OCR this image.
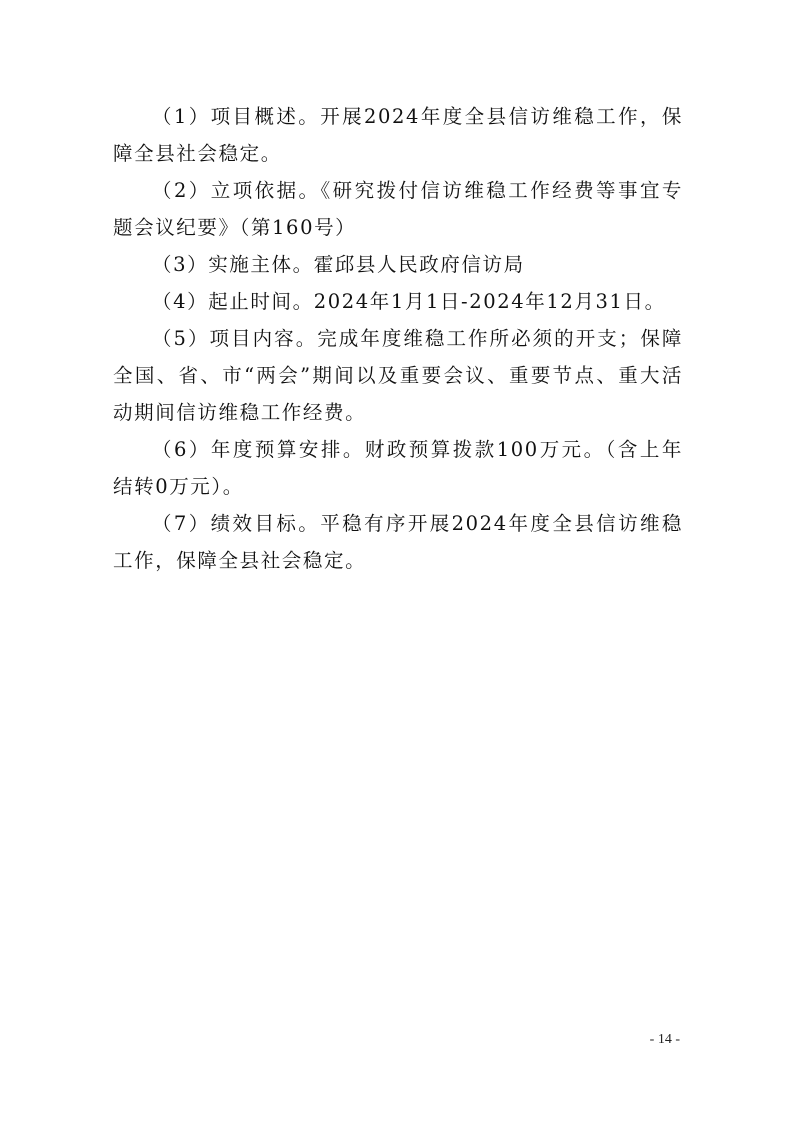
（1）项目概述。开展2024年度全县信访维稳工作，保障全县社会稳定。

（2）立项依据。《研究拨付信访维稳工作经费等事宜专题会议纪要》（第160号）

（3）实施主体。霍邱县人民政府信访局

（4）起止时间。2024年1月1日-2024年12月31日。

（5）项目内容。完成年度维稳工作所必须的开支；保障全国、省、市“两会”期间以及重要会议、重要节点、重大活动期间信访维稳工作经费。

（6）年度预算安排。财政预算拨款100万元。（含上年结转0万元）。

（7）绩效目标。平稳有序开展2024年度全县信访维稳工作，保障全县社会稳定。

- 14 -
